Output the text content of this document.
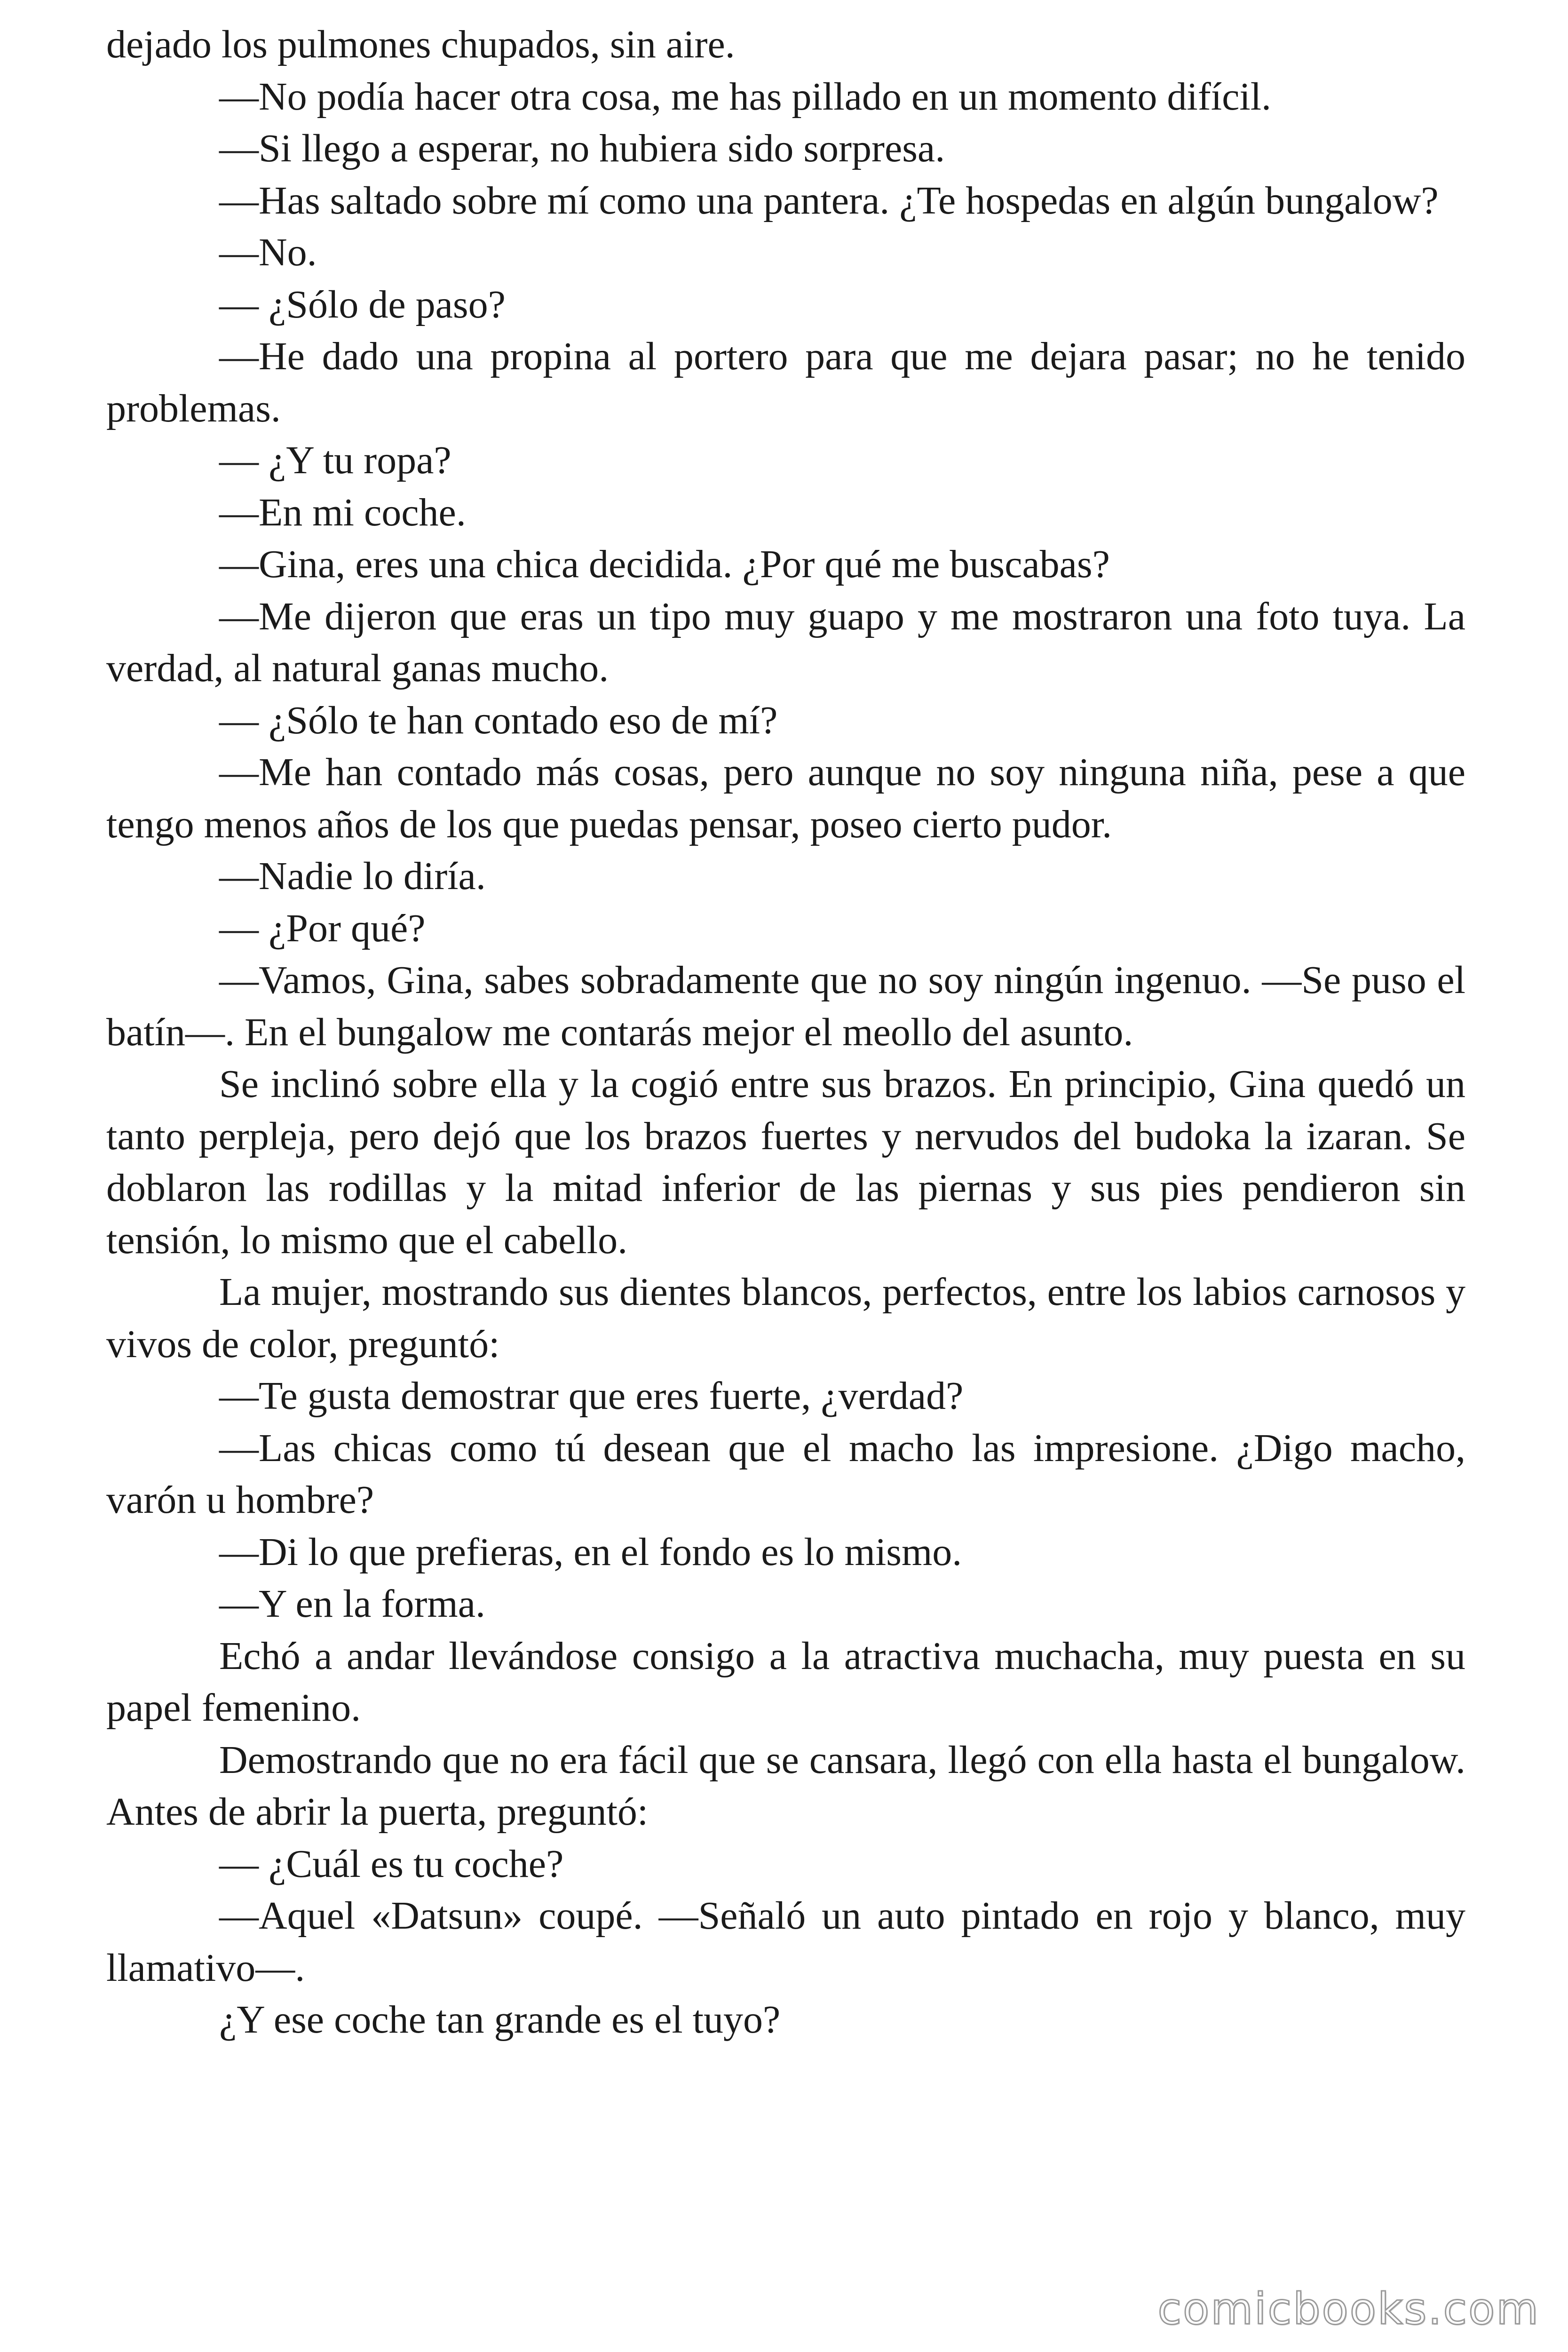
dejado los pulmones chupados, sin aire.

—No podía hacer otra cosa, me has pillado en un momento difícil.

—Si llego a esperar, no hubiera sido sorpresa.

—Has saltado sobre mí como una pantera. ¿Te hospedas en algún bungalow?

—No.

— ¿Sólo de paso?

—He dado una propina al portero para que me dejara pasar; no he tenido problemas.

— ¿Y tu ropa?

—En mi coche.

—Gina, eres una chica decidida. ¿Por qué me buscabas?

—Me dijeron que eras un tipo muy guapo y me mostraron una foto tuya. La verdad, al natural ganas mucho.

— ¿Sólo te han contado eso de mí?

—Me han contado más cosas, pero aunque no soy ninguna niña, pese a que tengo menos años de los que puedas pensar, poseo cierto pudor.

—Nadie lo diría.

— ¿Por qué?

—Vamos, Gina, sabes sobradamente que no soy ningún ingenuo. —Se puso el batín—. En el bungalow me contarás mejor el meollo del asunto.

Se inclinó sobre ella y la cogió entre sus brazos. En principio, Gina quedó un tanto perpleja, pero dejó que los brazos fuertes y nervudos del budoka la izaran. Se doblaron las rodillas y la mitad inferior de las piernas y sus pies pendieron sin tensión, lo mismo que el cabello.

La mujer, mostrando sus dientes blancos, perfectos, entre los labios carnosos y vivos de color, preguntó:

—Te gusta demostrar que eres fuerte, ¿verdad?

—Las chicas como tú desean que el macho las impresione. ¿Digo macho, varón u hombre?

—Di lo que prefieras, en el fondo es lo mismo.

—Y en la forma.

Echó a andar llevándose consigo a la atractiva muchacha, muy puesta en su papel femenino.

Demostrando que no era fácil que se cansara, llegó con ella hasta el bungalow. Antes de abrir la puerta, preguntó:

— ¿Cuál es tu coche?

—Aquel «Datsun» coupé. —Señaló un auto pintado en rojo y blanco, muy llamativo—.

¿Y ese coche tan grande es el tuyo?

comicbooks.com
